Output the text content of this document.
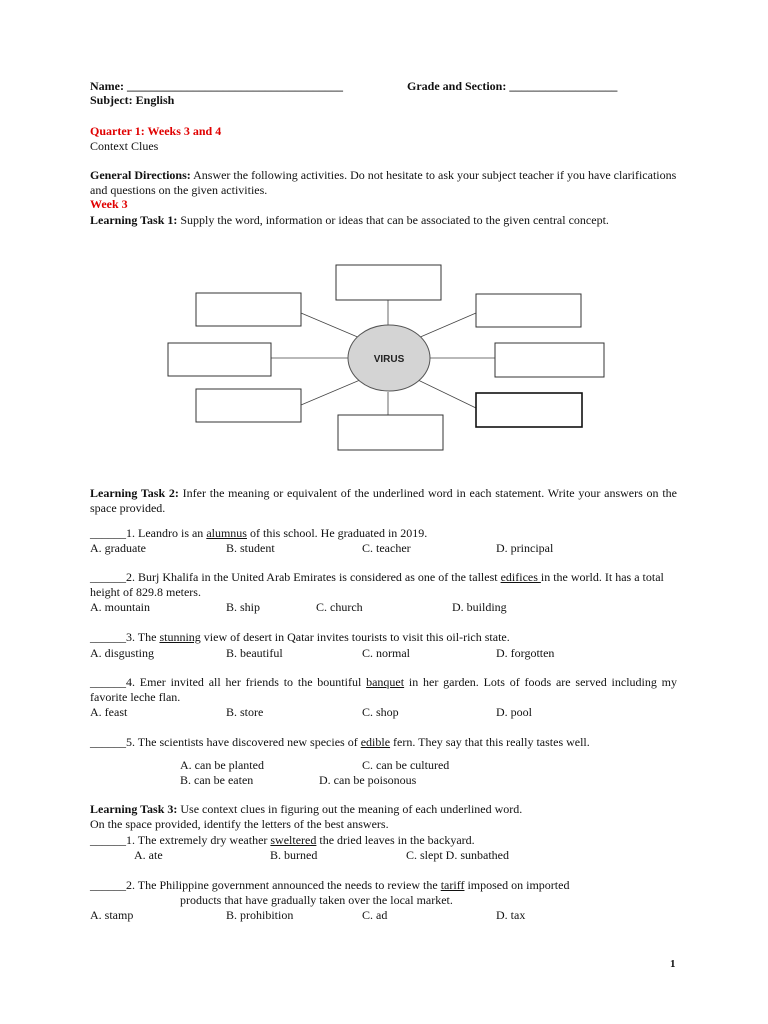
Name: ____________________________________	Grade and Section: __________________
Subject: English
Quarter 1: Weeks 3 and 4
Context Clues
General Directions: Answer the following activities. Do not hesitate to ask your subject teacher if you have clarifications and questions on the given activities.
Week 3
Learning Task 1: Supply the word, information or ideas that can be associated to the given central concept.
VIRUS
Learning Task 2: Infer the meaning or equivalent of the underlined word in each statement. Write your answers on the space provided.
______1. Leandro is an alumnus of this school. He graduated in 2019.
A. graduate	B. student	C. teacher	D. principal
______2. Burj Khalifa in the United Arab Emirates is considered as one of the tallest edifices in the world. It has a total height of 829.8 meters.
A. mountain	B. ship	C. church	D. building
______3. The stunning view of desert in Qatar invites tourists to visit this oil-rich state.
A. disgusting	B. beautiful	C. normal	D. forgotten
______4. Emer invited all her friends to the bountiful banquet in her garden. Lots of foods are served including my favorite leche flan.
A. feast	B. store	C. shop	D. pool
______5. The scientists have discovered new species of edible fern. They say that this really tastes well.
A. can be planted	C. can be cultured
B. can be eaten	D. can be poisonous
Learning Task 3: Use context clues in figuring out the meaning of each underlined word.
On the space provided, identify the letters of the best answers.
______1. The extremely dry weather sweltered the dried leaves in the backyard.
A. ate	B. burned	C. slept D. sunbathed
______2. The Philippine government announced the needs to review the tariff imposed on imported
products that have gradually taken over the local market.
A. stamp	B. prohibition	C. ad	D. tax
1
